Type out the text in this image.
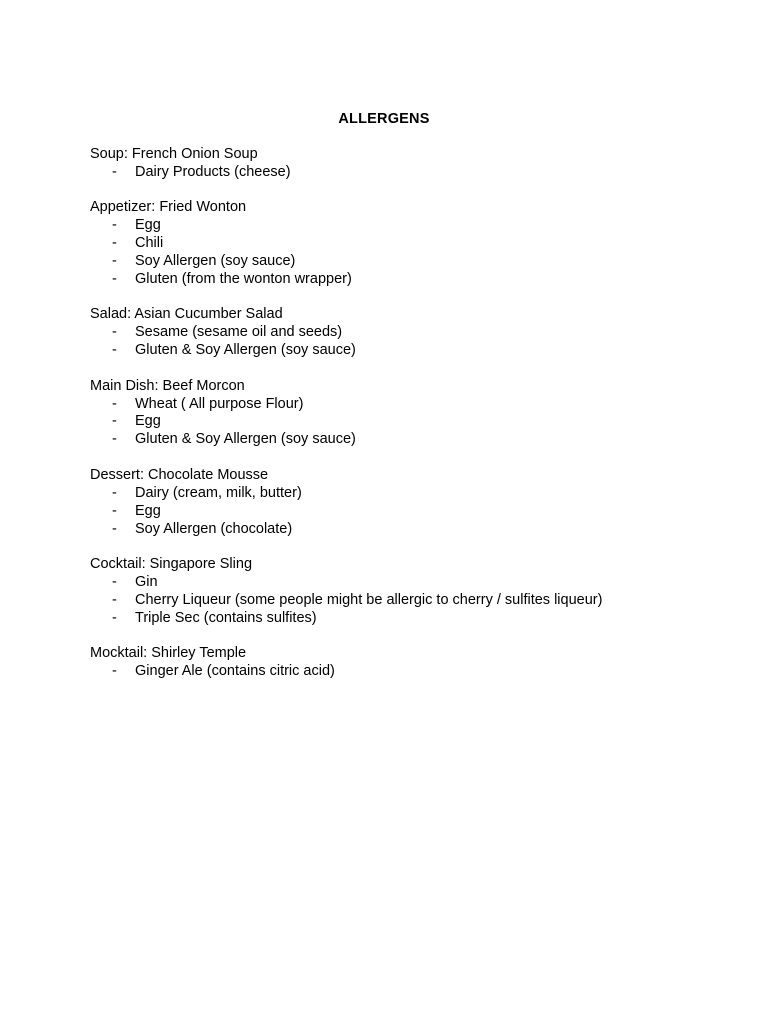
ALLERGENS
Soup: French Onion Soup
- Dairy Products (cheese)
Appetizer: Fried Wonton
- Egg
- Chili
- Soy Allergen (soy sauce)
- Gluten (from the wonton wrapper)
Salad: Asian Cucumber Salad
- Sesame (sesame oil and seeds)
- Gluten & Soy Allergen (soy sauce)
Main Dish: Beef Morcon
- Wheat ( All purpose Flour)
- Egg
- Gluten & Soy Allergen (soy sauce)
Dessert: Chocolate Mousse
- Dairy (cream, milk, butter)
- Egg
- Soy Allergen (chocolate)
Cocktail: Singapore Sling
- Gin
- Cherry Liqueur (some people might be allergic to cherry / sulfites liqueur)
- Triple Sec (contains sulfites)
Mocktail: Shirley Temple
- Ginger Ale (contains citric acid)
